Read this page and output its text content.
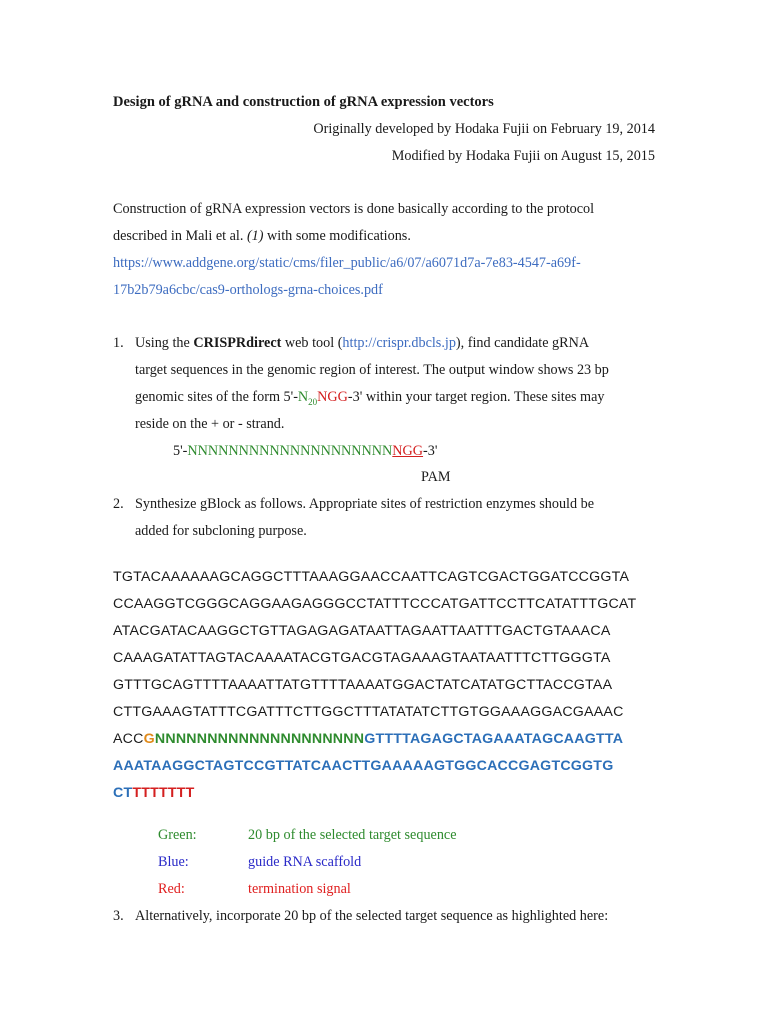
Design of gRNA and construction of gRNA expression vectors
Originally developed by Hodaka Fujii on February 19, 2014
Modified by Hodaka Fujii on August 15, 2015
Construction of gRNA expression vectors is done basically according to the protocol
described in Mali et al. (1) with some modifications.
https://www.addgene.org/static/cms/filer_public/a6/07/a6071d7a-7e83-4547-a69f-
17b2b79a6cbc/cas9-orthologs-grna-choices.pdf
1. Using the CRISPRdirect web tool (http://crispr.dbcls.jp), find candidate gRNA
target sequences in the genomic region of interest. The output window shows 23 bp
genomic sites of the form $5'-N_{20}NGG-3'$ within your target region. These sites may
reside on the + or - strand.
5'-NNNNNNNNNNNNNNNNNNNNNGG-3'
PAM
2. Synthesize gBlock as follows. Appropriate sites of restriction enzymes should be
added for subcloning purpose.
TGTACAAAAAAGCAGGCTTTAAAGGAACCAATTCAGTCGACTGGATCCGGTA
CCAAGGTCGGGCAGGAAGAGGGCCTATTTCCCATGATTCCTTCATATTTGCAT
ATACGATACAAGGCTGTTAGAGAGATAATTAGAATTAATTTGACTGTAAACA
CAAAGATATTAGTACAAAATACGTGACGTAGAAAGTAATAATTTCTTGGGTA
GTTTGCAGTTTTAAAATTATGTTTTAAAATGGACTATCATATGCTTACCGTAA
CTTGAAAGTATTTCGATTTCTTGGCTTTATATATCTTGTGGAAAGGACGAAAC
ACCGNNNNNNNNNNNNNNNNNNNNGTTTTAGAGCTAGAAATAGCAAGTTA
AAATAAGGCTAGTCCGTTATCAACTTGAAAAAGTGGCACCGAGTCGGTG
CTTTTTTTT
Green:	20 bp of the selected target sequence
Blue:	guide RNA scaffold
Red:	termination signal
3. Alternatively, incorporate 20 bp of the selected target sequence as highlighted here:
